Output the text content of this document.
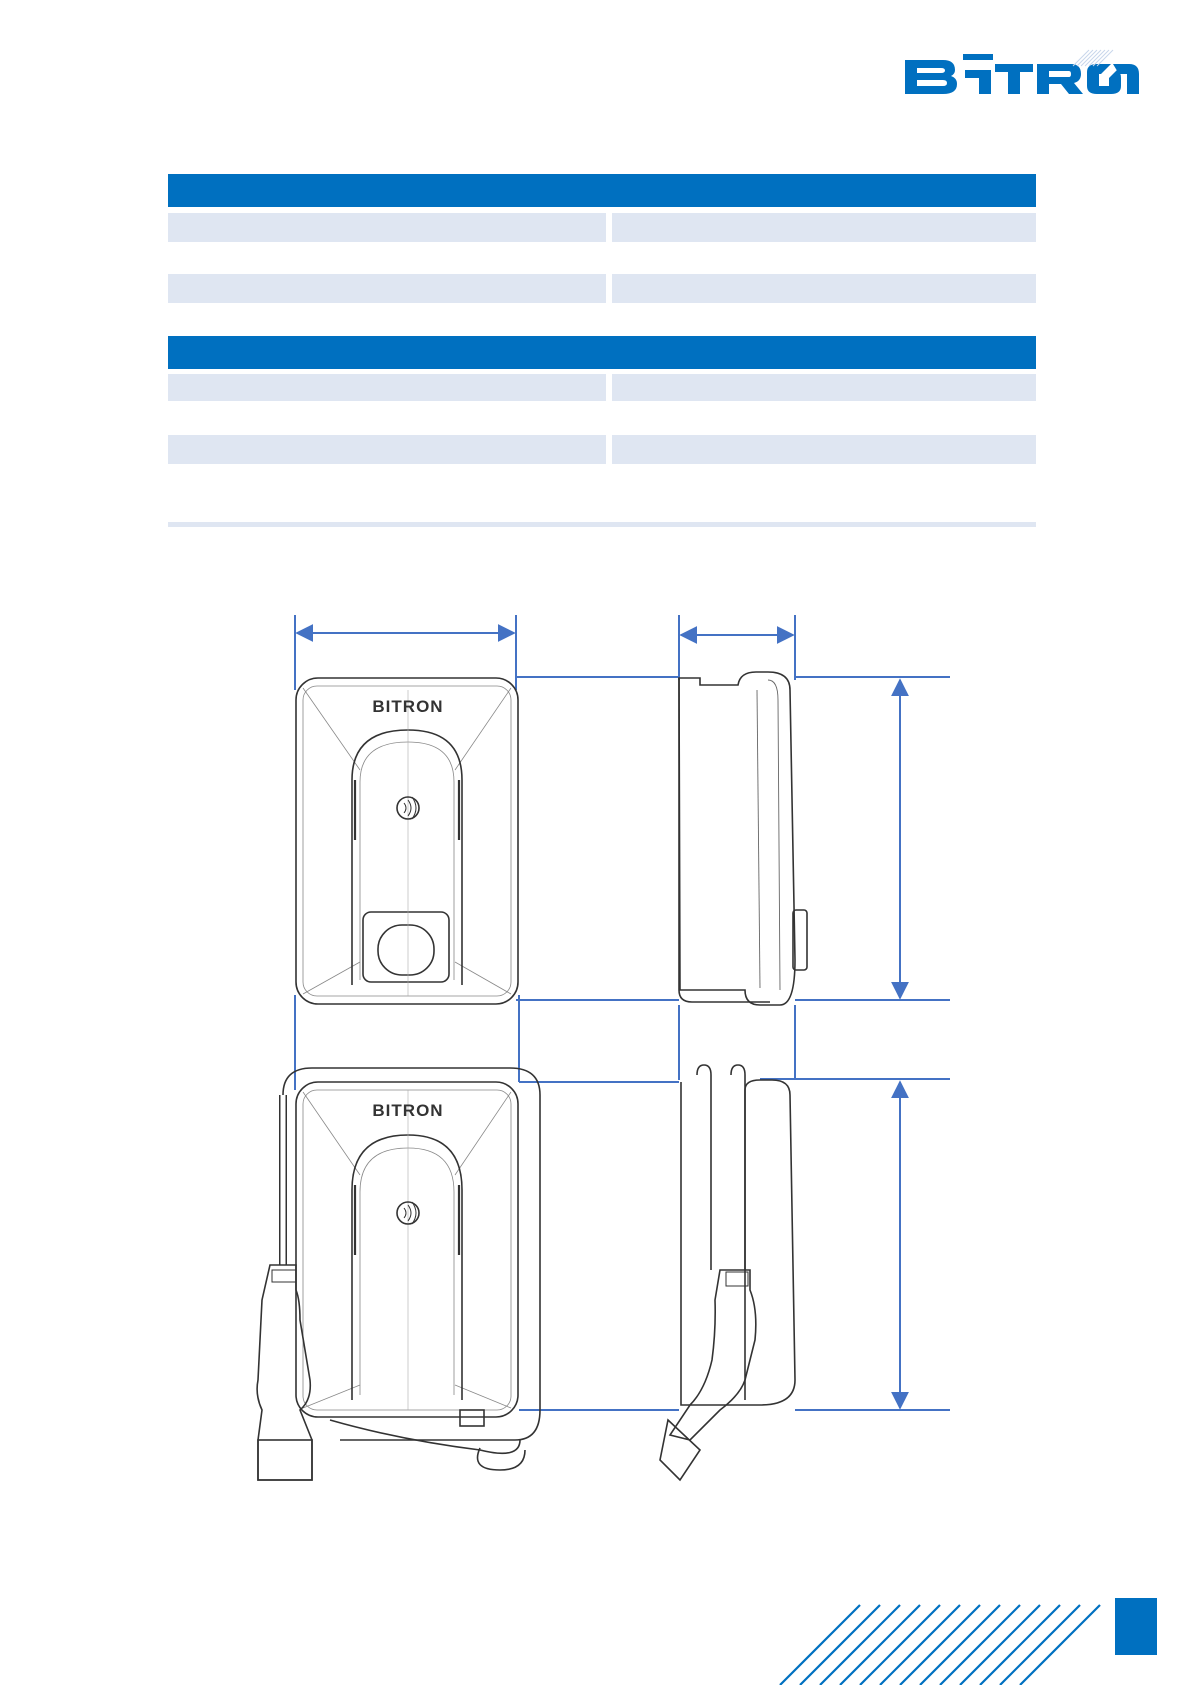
BITRON
BITRON
